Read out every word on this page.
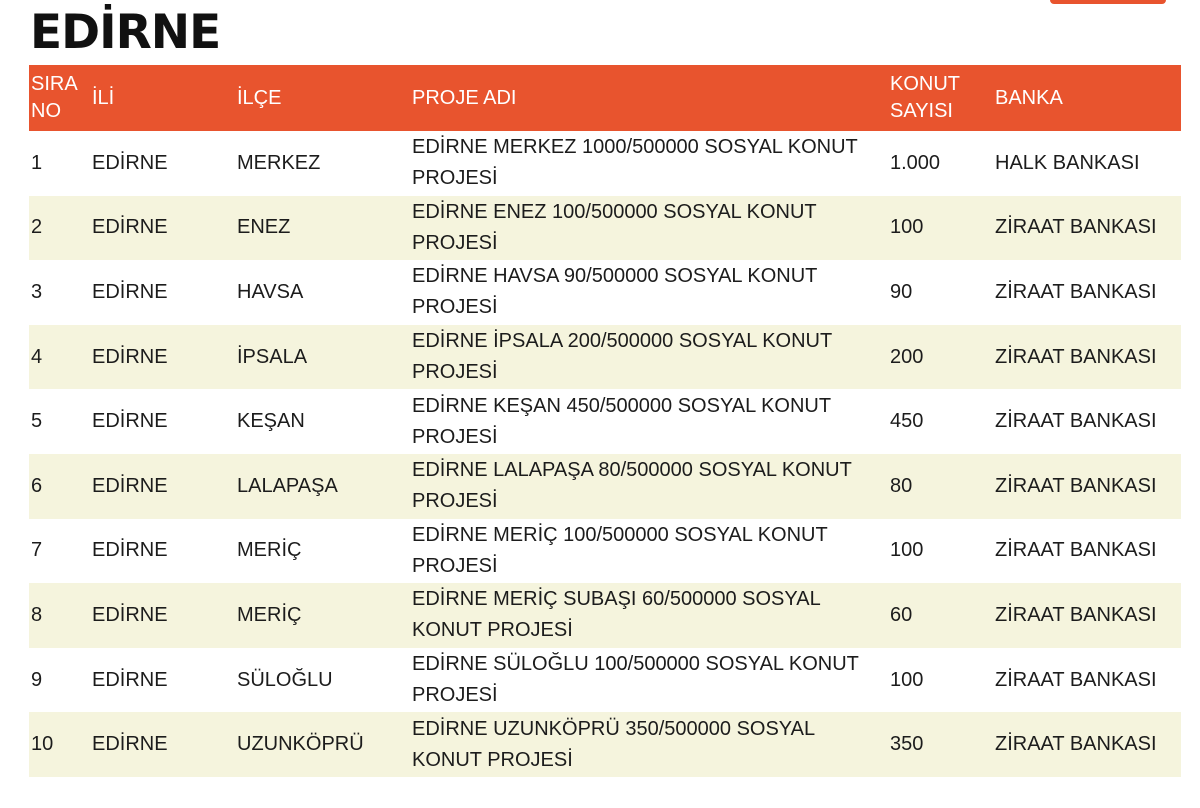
EDİRNE
SIRA NO	İLİ	İLÇE	PROJE ADI	KONUT SAYISI	BANKA
1	EDİRNE	MERKEZ	EDİRNE MERKEZ 1000/500000 SOSYAL KONUT PROJESİ	1.000	HALK BANKASI
2	EDİRNE	ENEZ	EDİRNE ENEZ 100/500000 SOSYAL KONUT PROJESİ	100	ZİRAAT BANKASI
3	EDİRNE	HAVSA	EDİRNE HAVSA 90/500000 SOSYAL KONUT PROJESİ	90	ZİRAAT BANKASI
4	EDİRNE	İPSALA	EDİRNE İPSALA 200/500000 SOSYAL KONUT PROJESİ	200	ZİRAAT BANKASI
5	EDİRNE	KEŞAN	EDİRNE KEŞAN 450/500000 SOSYAL KONUT PROJESİ	450	ZİRAAT BANKASI
6	EDİRNE	LALAPAŞA	EDİRNE LALAPAŞA 80/500000 SOSYAL KONUT PROJESİ	80	ZİRAAT BANKASI
7	EDİRNE	MERİÇ	EDİRNE MERİÇ 100/500000 SOSYAL KONUT PROJESİ	100	ZİRAAT BANKASI
8	EDİRNE	MERİÇ	EDİRNE MERİÇ SUBAŞI 60/500000 SOSYAL KONUT PROJESİ	60	ZİRAAT BANKASI
9	EDİRNE	SÜLOĞLU	EDİRNE SÜLOĞLU 100/500000 SOSYAL KONUT PROJESİ	100	ZİRAAT BANKASI
10	EDİRNE	UZUNKÖPRÜ	EDİRNE UZUNKÖPRÜ 350/500000 SOSYAL KONUT PROJESİ	350	ZİRAAT BANKASI
